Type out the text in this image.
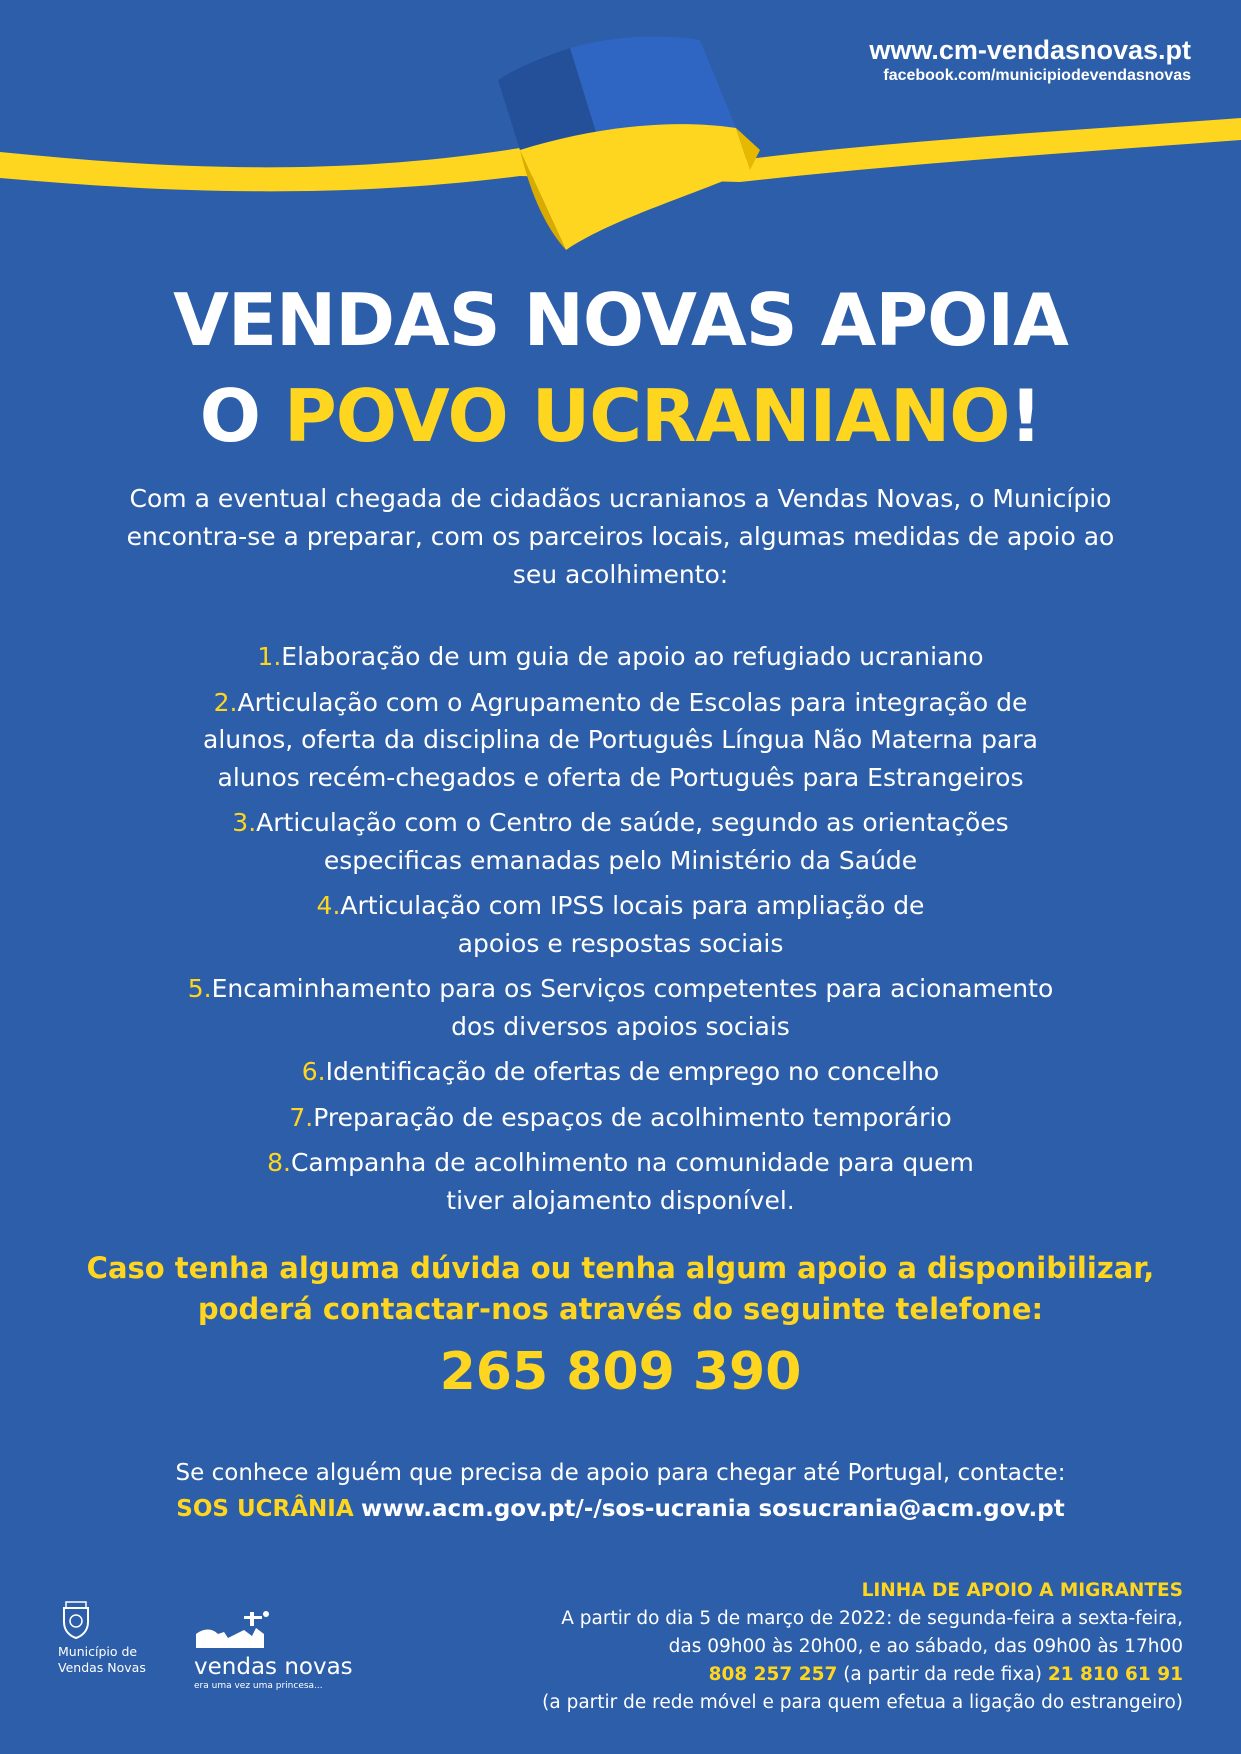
www.cm-vendasnovas.pt
facebook.com/municipiodevendasnovas
VENDAS NOVAS APOIA
O POVO UCRANIANO!
Com a eventual chegada de cidadãos ucranianos a Vendas Novas, o Município encontra-se a preparar, com os parceiros locais, algumas medidas de apoio ao seu acolhimento:
1.Elaboração de um guia de apoio ao refugiado ucraniano
2.Articulação com o Agrupamento de Escolas para integração de
alunos, oferta da disciplina de Português Língua Não Materna para
alunos recém-chegados e oferta de Português para Estrangeiros
3.Articulação com o Centro de saúde, segundo as orientações
especificas emanadas pelo Ministério da Saúde
4.Articulação com IPSS locais para ampliação de
apoios e respostas sociais
5.Encaminhamento para os Serviços competentes para acionamento
dos diversos apoios sociais
6.Identificação de ofertas de emprego no concelho
7.Preparação de espaços de acolhimento temporário
8.Campanha de acolhimento na comunidade para quem
tiver alojamento disponível.
Caso tenha alguma dúvida ou tenha algum apoio a disponibilizar,
poderá contactar-nos através do seguinte telefone:
265 809 390
Se conhece alguém que precisa de apoio para chegar até Portugal, contacte:
SOS UCRÂNIA www.acm.gov.pt/-/sos-ucrania sosucrania@acm.gov.pt
Município de
Vendas Novas	vendas novas
era uma vez uma princesa...
LINHA DE APOIO A MIGRANTES
A partir do dia 5 de março de 2022: de segunda-feira a sexta-feira,
das 09h00 às 20h00, e ao sábado, das 09h00 às 17h00
808 257 257 (a partir da rede fixa) 21 810 61 91
(a partir de rede móvel e para quem efetua a ligação do estrangeiro)
